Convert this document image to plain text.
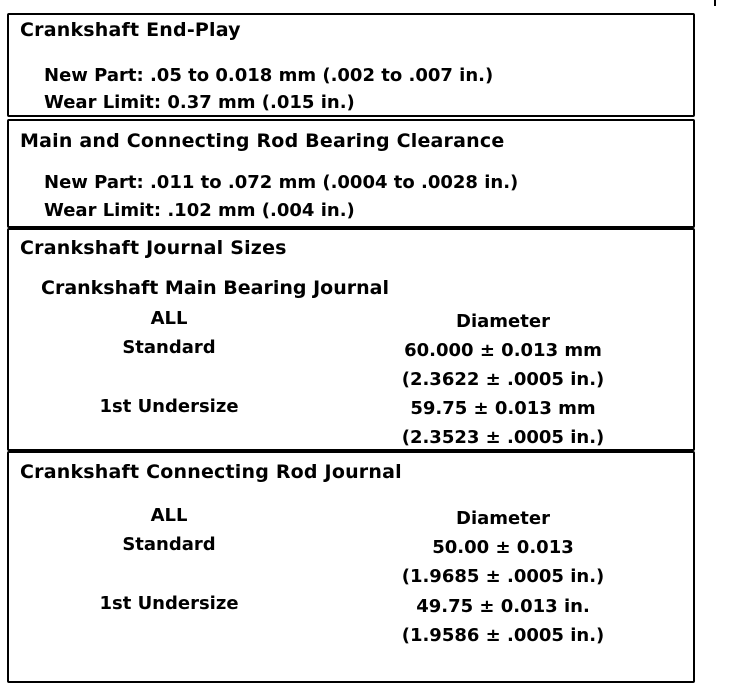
Crankshaft End-Play
New Part: .05 to 0.018 mm (.002 to .007 in.)
Wear Limit: 0.37 mm (.015 in.)
Main and Connecting Rod Bearing Clearance
New Part: .011 to .072 mm (.0004 to .0028 in.)
Wear Limit: .102 mm (.004 in.)
Crankshaft Journal Sizes
Crankshaft Main Bearing Journal
ALL	Diameter
Standard	60.000 ± 0.013 mm
(2.3622 ± .0005 in.)
1st Undersize	59.75 ± 0.013 mm
(2.3523 ± .0005 in.)
Crankshaft Connecting Rod Journal
ALL	Diameter
Standard	50.00 ± 0.013
(1.9685 ± .0005 in.)
1st Undersize	49.75 ± 0.013 in.
(1.9586 ± .0005 in.)
